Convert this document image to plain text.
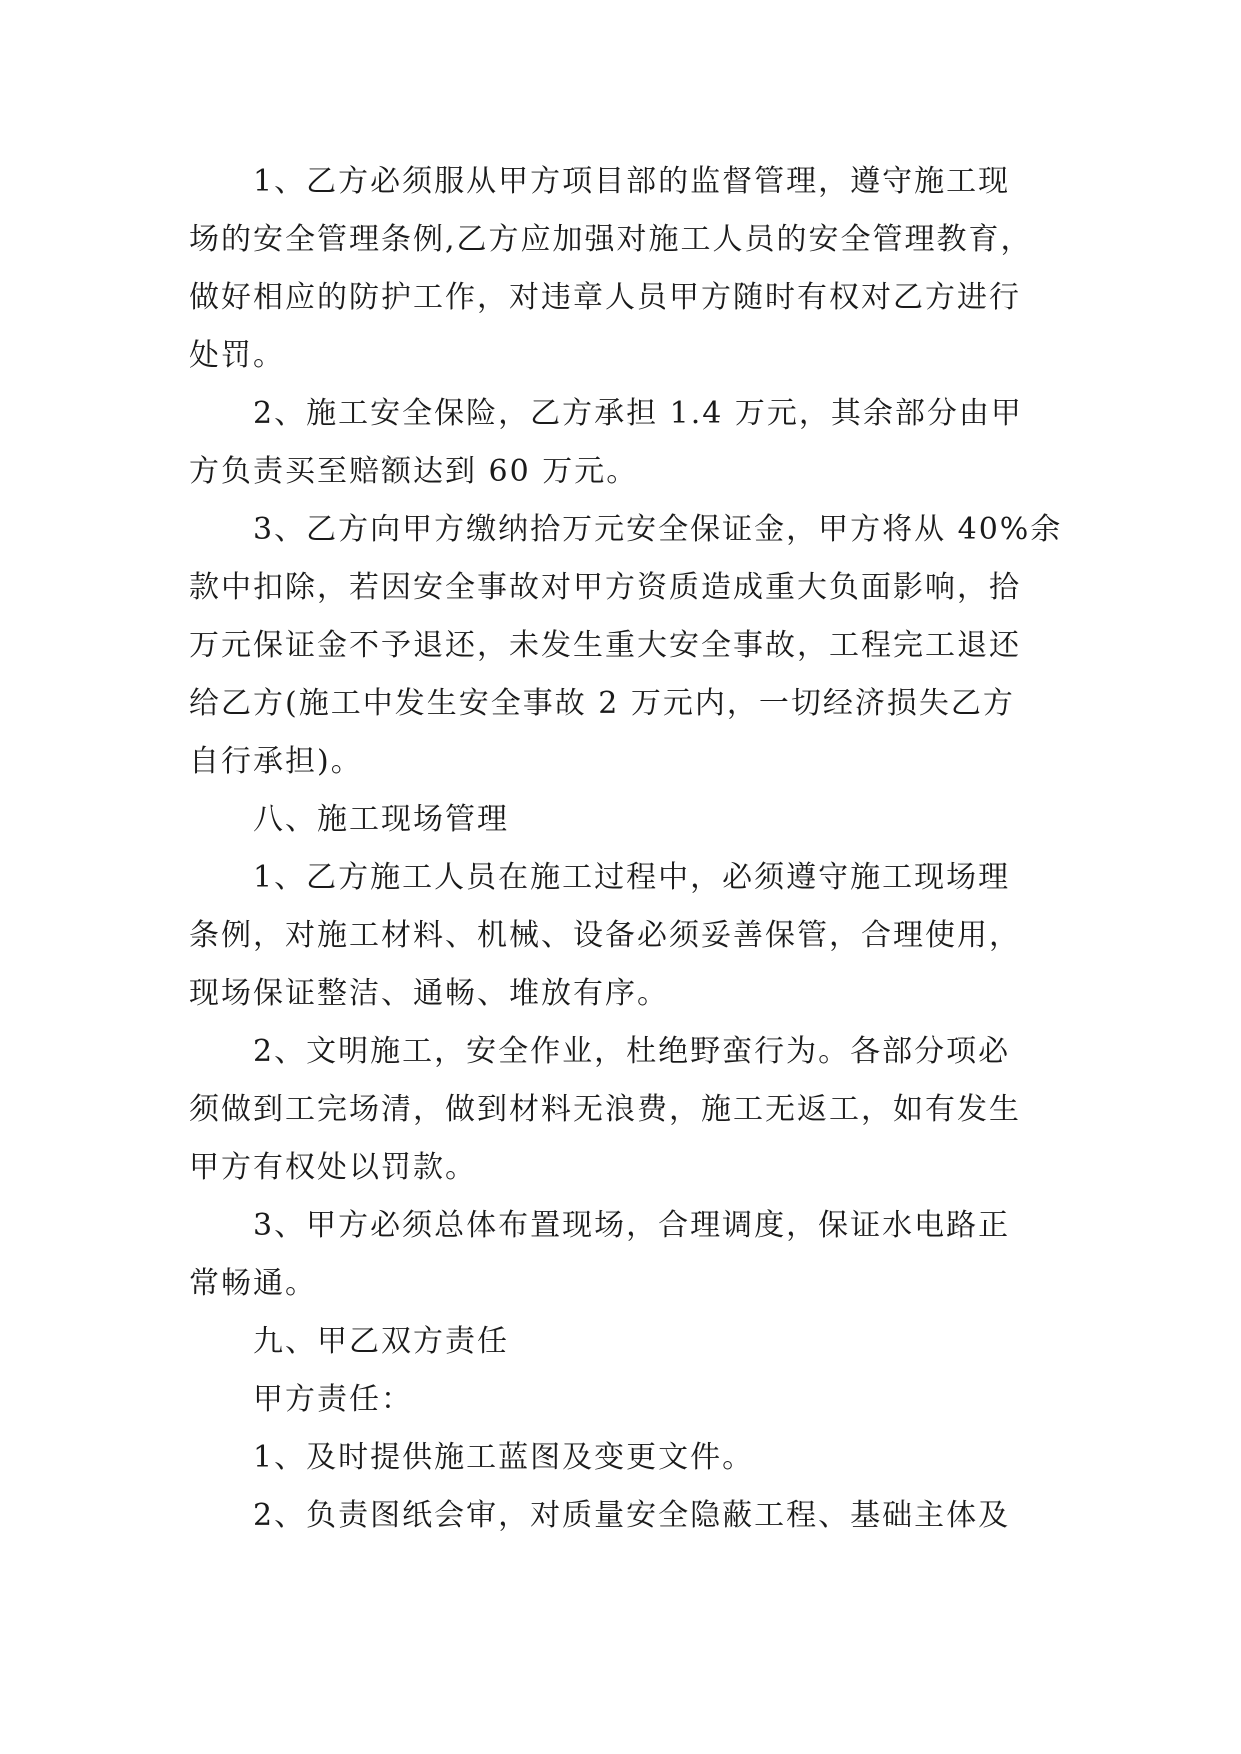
1、乙方必须服从甲方项目部的监督管理，遵守施工现
场的安全管理条例,乙方应加强对施工人员的安全管理教育，
做好相应的防护工作，对违章人员甲方随时有权对乙方进行
处罚。
2、施工安全保险，乙方承担 1.4 万元，其余部分由甲
方负责买至赔额达到 60 万元。
3、乙方向甲方缴纳拾万元安全保证金，甲方将从 40%余
款中扣除，若因安全事故对甲方资质造成重大负面影响，拾
万元保证金不予退还，未发生重大安全事故，工程完工退还
给乙方(施工中发生安全事故 2 万元内，一切经济损失乙方
自行承担)。
八、施工现场管理
1、乙方施工人员在施工过程中，必须遵守施工现场理
条例，对施工材料、机械、设备必须妥善保管，合理使用，
现场保证整洁、通畅、堆放有序。
2、文明施工，安全作业，杜绝野蛮行为。各部分项必
须做到工完场清，做到材料无浪费，施工无返工，如有发生
甲方有权处以罚款。
3、甲方必须总体布置现场，合理调度，保证水电路正
常畅通。
九、甲乙双方责任
甲方责任：
1、及时提供施工蓝图及变更文件。
2、负责图纸会审，对质量安全隐蔽工程、基础主体及
